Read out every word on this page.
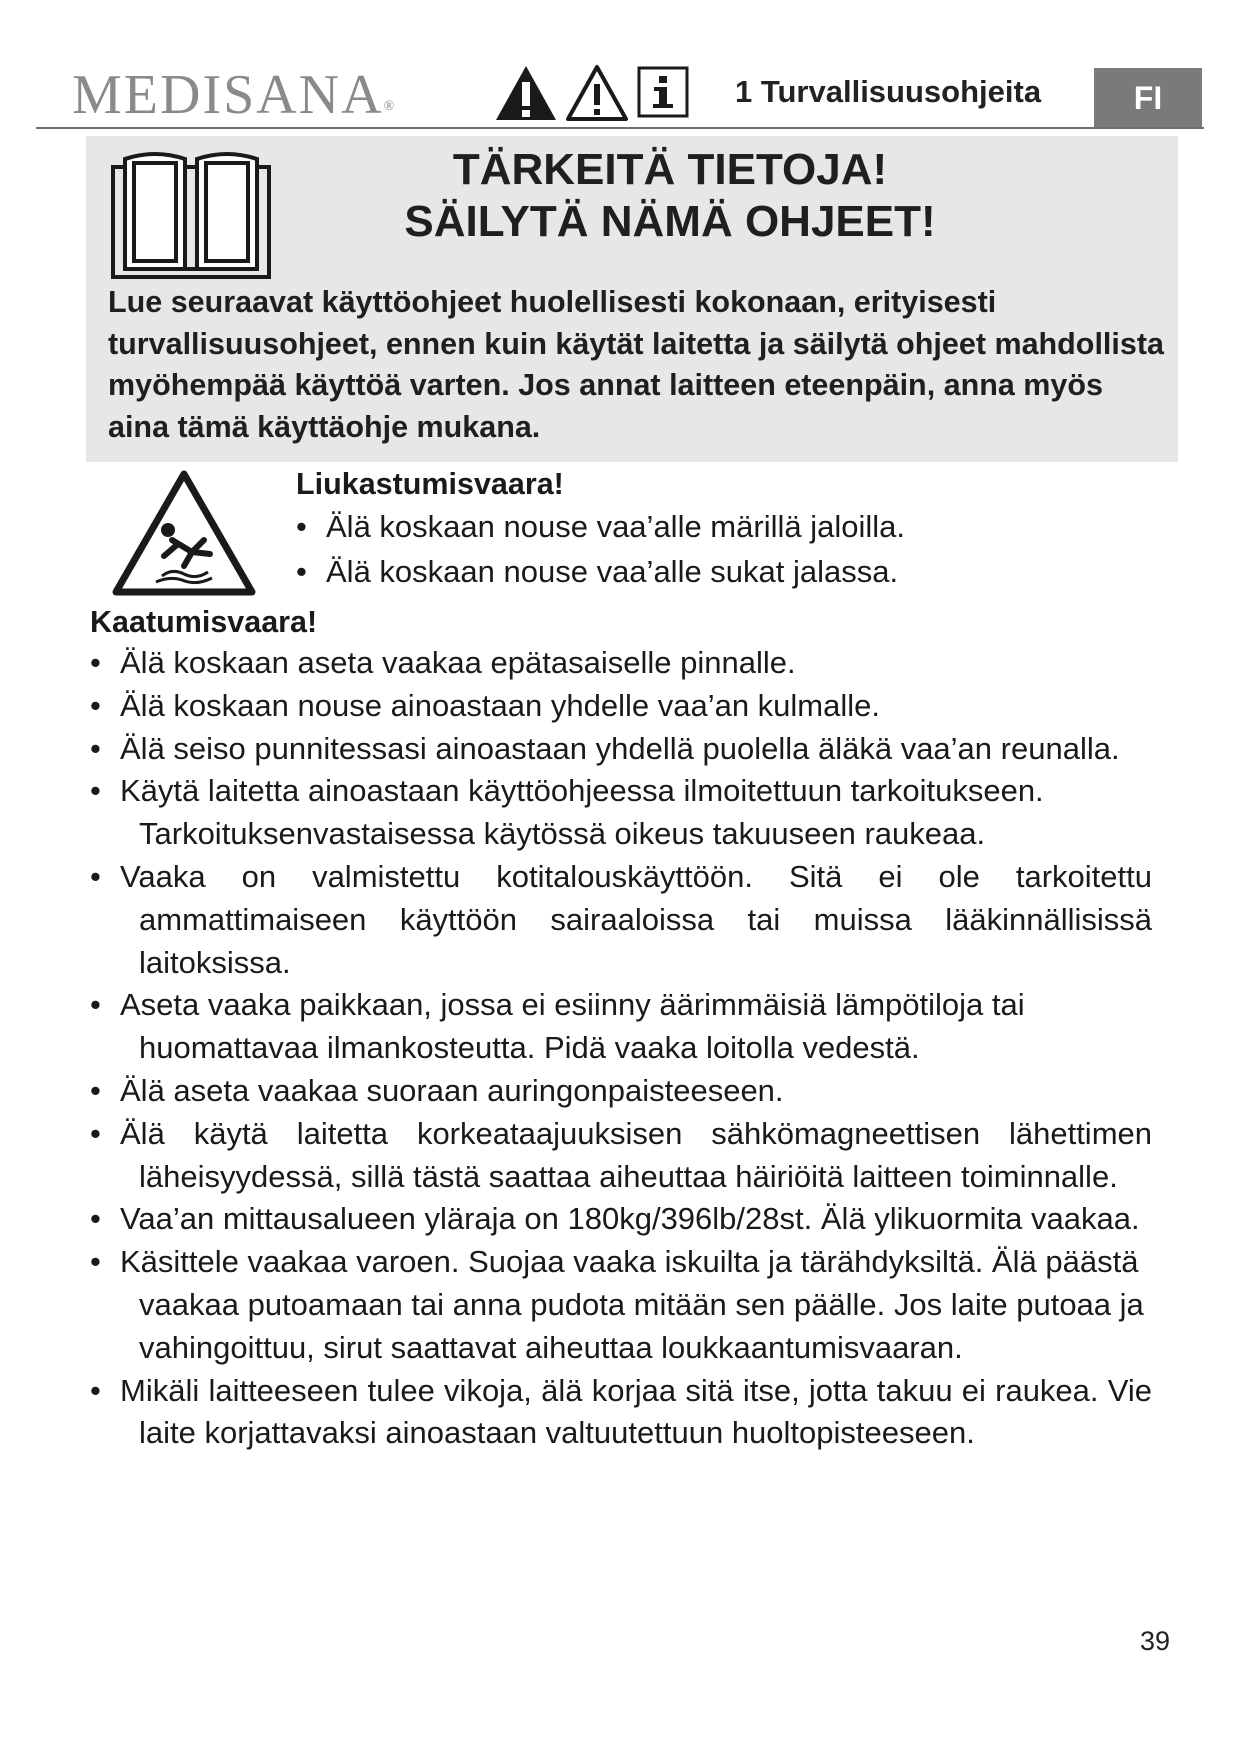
MEDISANA®	1 Turvallisuusohjeita	FI
TÄRKEITÄ TIETOJA!
SÄILYTÄ NÄMÄ OHJEET!

Lue seuraavat käyttöohjeet huolellisesti kokonaan, erityisesti turvallisuusohjeet, ennen kuin käytät laitetta ja säilytä ohjeet mahdollista myöhempää käyttöä varten. Jos annat laitteen eteenpäin, anna myös aina tämä käyttäohje mukana.

Liukastumisvaara!
• Älä koskaan nouse vaa’alle märillä jaloilla.
• Älä koskaan nouse vaa’alle sukat jalassa.
Kaatumisvaara!
• Älä koskaan aseta vaakaa epätasaiselle pinnalle.
• Älä koskaan nouse ainoastaan yhdelle vaa’an kulmalle.
• Älä seiso punnitessasi ainoastaan yhdellä puolella äläkä vaa’an reunalla.
• Käytä laitetta ainoastaan käyttöohjeessa ilmoitettuun tarkoitukseen. Tarkoituksenvastaisessa käytössä oikeus takuuseen raukeaa.
• Vaaka on valmistettu kotitalouskäyttöön. Sitä ei ole tarkoitettu ammattimaiseen käyttöön sairaaloissa tai muissa lääkinnällisissä laitoksissa.
• Aseta vaaka paikkaan, jossa ei esiinny äärimmäisiä lämpötiloja tai huomattavaa ilmankosteutta. Pidä vaaka loitolla vedestä.
• Älä aseta vaakaa suoraan auringonpaisteeseen.
• Älä käytä laitetta korkeataajuuksisen sähkömagneettisen lähettimen läheisyydessä, sillä tästä saattaa aiheuttaa häiriöitä laitteen toiminnalle.
• Vaa’an mittausalueen yläraja on 180kg/396lb/28st. Älä ylikuormita vaakaa.
• Käsittele vaakaa varoen. Suojaa vaaka iskuilta ja tärähdyksiltä. Älä päästä vaakaa putoamaan tai anna pudota mitään sen päälle. Jos laite putoaa ja vahingoittuu, sirut saattavat aiheuttaa loukkaantumisvaaran.
• Mikäli laitteeseen tulee vikoja, älä korjaa sitä itse, jotta takuu ei raukea. Vie laite korjattavaksi ainoastaan valtuutettuun huoltopisteeseen.
39
